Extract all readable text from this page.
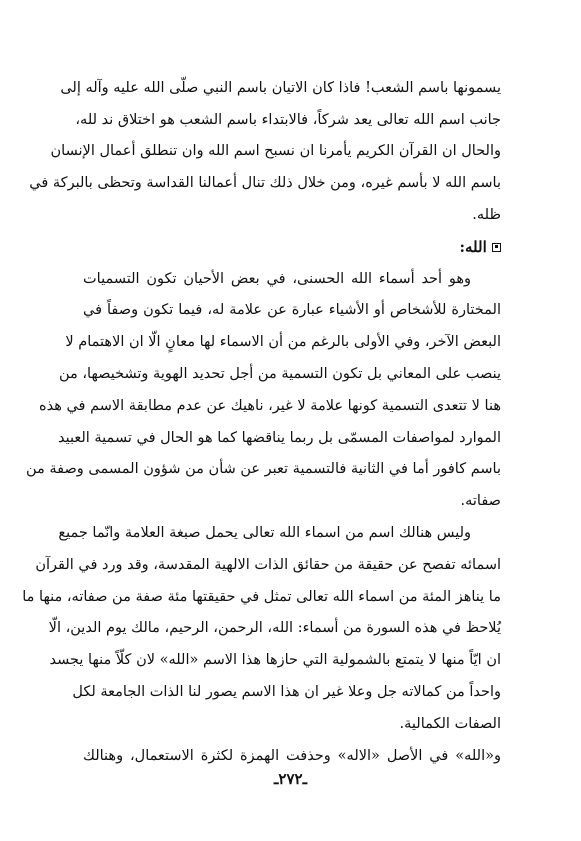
يسمونها باسم الشعب! فاذا كان الاتيان باسم النبي صلّى الله عليه وآله إلى
جانب اسم الله تعالى يعد شركاً، فالابتداء باسم الشعب هو اختلاق ند لله،
والحال ان القرآن الكريم يأمرنا ان نسبح اسم الله وان تنطلق أعمال الإنسان
باسم الله لا بأسم غيره، ومن خلال ذلك تنال أعمالنا القداسة وتحظى بالبركة في
ظله.
الله:
وهو أحد أسماء الله الحسنى، في بعض الأحيان تكون التسميات
المختارة للأشخاص أو الأشياء عبارة عن علامة له، فيما تكون وصفاً في
البعض الآخر، وفي الأولى بالرغم من أن الاسماء لها معانٍ الّا ان الاهتمام لا
ينصب على المعاني بل تكون التسمية من أجل تحديد الهوية وتشخيصها، من
هنا لا تتعدى التسمية كونها علامة لا غير، ناهيك عن عدم مطابقة الاسم في هذه
الموارد لمواصفات المسمّى بل ربما يناقضها كما هو الحال في تسمية العبيد
باسم كافور أما في الثانية فالتسمية تعبر عن شأن من شؤون المسمى وصفة من
صفاته.
وليس هنالك اسم من اسماء الله تعالى يحمل صبغة العلامة وانّما جميع
اسمائه تفصح عن حقيقة من حقائق الذات الالهية المقدسة، وقد ورد في القرآن
ما يناهز المئة من اسماء الله تعالى تمثل في حقيقتها مئة صفة من صفاته، منها ما
يُلاحظ في هذه السورة من أسماء: الله، الرحمن، الرحيم، مالك يوم الدين، الّا
ان ايّاً منها لا يتمتع بالشمولية التي حازها هذا الاسم «الله» لان كلّاً منها يجسد
واحداً من كمالاته جل وعلا غير ان هذا الاسم يصور لنا الذات الجامعة لكل
الصفات الكمالية.
و«الله» في الأصل «الاله» وحذفت الهمزة لكثرة الاستعمال، وهنالك
ـ٢٧٢ـ
